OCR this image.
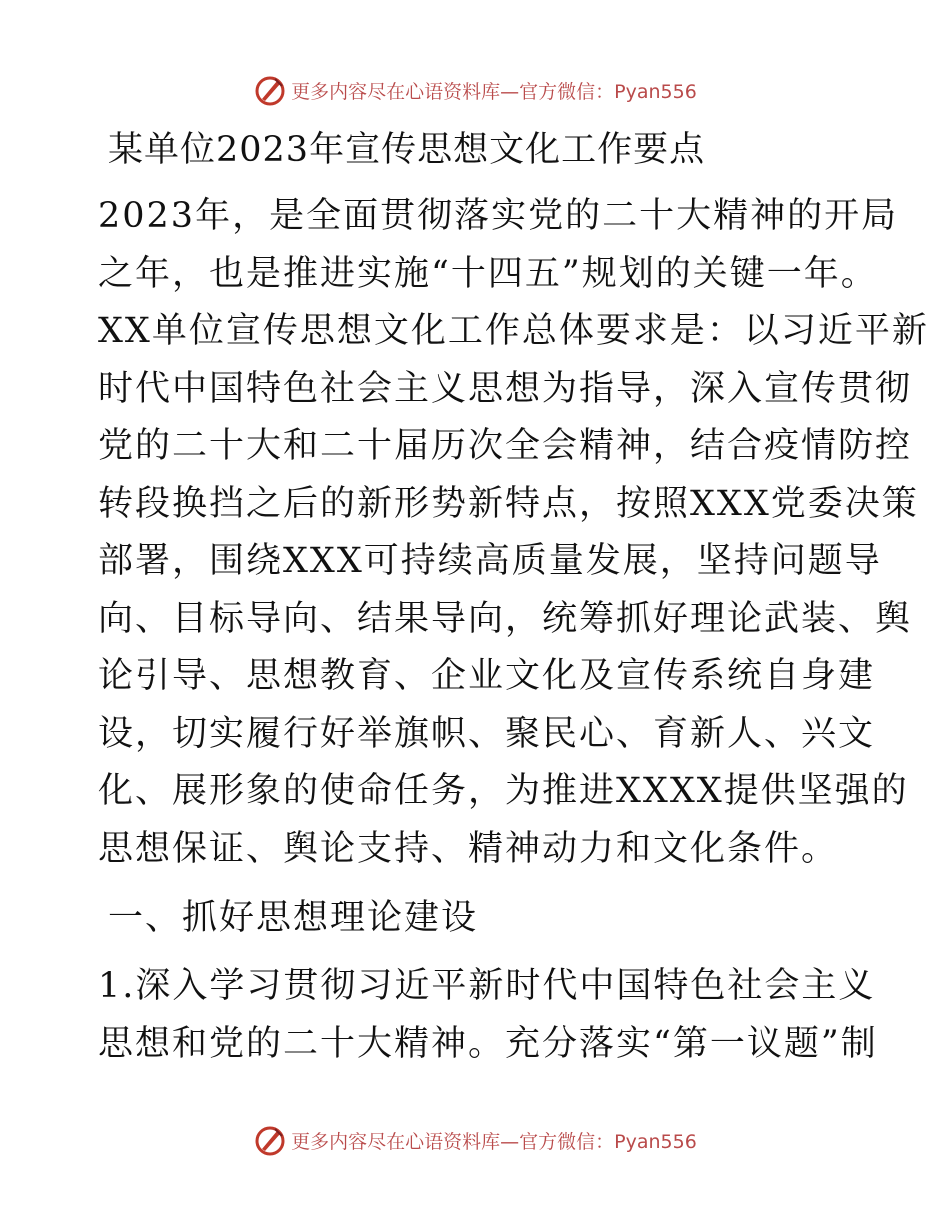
更多内容尽在心语资料库—官方微信：Pyan556
某单位2023年宣传思想文化工作要点
2023年，是全面贯彻落实党的二十大精神的开局
之年，也是推进实施“十四五”规划的关键一年。
XX单位宣传思想文化工作总体要求是：以习近平新
时代中国特色社会主义思想为指导，深入宣传贯彻
党的二十大和二十届历次全会精神，结合疫情防控
转段换挡之后的新形势新特点，按照XXX党委决策
部署，围绕XXX可持续高质量发展，坚持问题导
向、目标导向、结果导向，统筹抓好理论武装、舆
论引导、思想教育、企业文化及宣传系统自身建
设，切实履行好举旗帜、聚民心、育新人、兴文
化、展形象的使命任务，为推进XXXX提供坚强的
思想保证、舆论支持、精神动力和文化条件。
一、抓好思想理论建设
1.深入学习贯彻习近平新时代中国特色社会主义
思想和党的二十大精神。充分落实“第一议题”制
更多内容尽在心语资料库—官方微信：Pyan556
